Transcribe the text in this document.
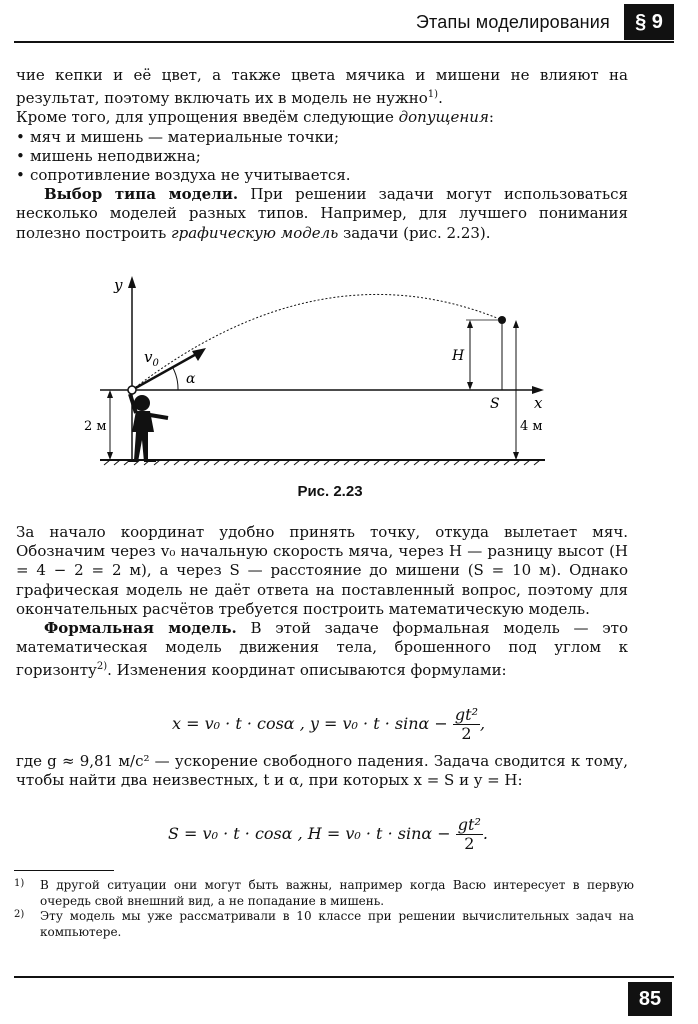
Этапы моделирования	§ 9

чие кепки и её цвет, а также цвета мячика и мишени не влияют на результат, поэтому включать их в модель не нужно$^{1)}$.

Кроме того, для упрощения введём следующие допущения:

• мяч и мишень — материальные точки;
• мишень неподвижна;
• сопротивление воздуха не учитывается.

Выбор типа модели. При решении задачи могут использоваться несколько моделей разных типов. Например, для лучшего понимания полезно построить графическую модель задачи (рис. 2.23).

y
x
$v_0$
α
2 м
H
S
4 м
Рис. 2.23

За начало координат удобно принять точку, откуда вылетает мяч. Обозначим через v₀ начальную скорость мяча, через H — разницу высот (H = 4 − 2 = 2 м), а через S — расстояние до мишени (S = 10 м). Однако графическая модель не даёт ответа на поставленный вопрос, поэтому для окончательных расчётов требуется построить математическую модель.

Формальная модель. В этой задаче формальная модель — это математическая модель движения тела, брошенного под углом к горизонту$^{2)}$. Изменения координат описываются формулами:

x = v₀ · t · cosα , $y = v_0 \cdot t \cdot \sin\alpha - \frac{\text{gt²}}{2}$ ,

где g ≈ 9,81 м/с² — ускорение свободного падения. Задача сводится к тому, чтобы найти два неизвестных, t и α, при которых x = S и y = H:

S = v₀ · t · cosα , $H = v_0 \cdot t \cdot \sin\alpha - \frac{\text{gt²}}{2}$ .
1) В другой ситуации они могут быть важны, например когда Васю интересует в первую очередь свой внешний вид, а не попадание в мишень.
2) Эту модель мы уже рассматривали в 10 классе при решении вычислительных задач на компьютере.
85
